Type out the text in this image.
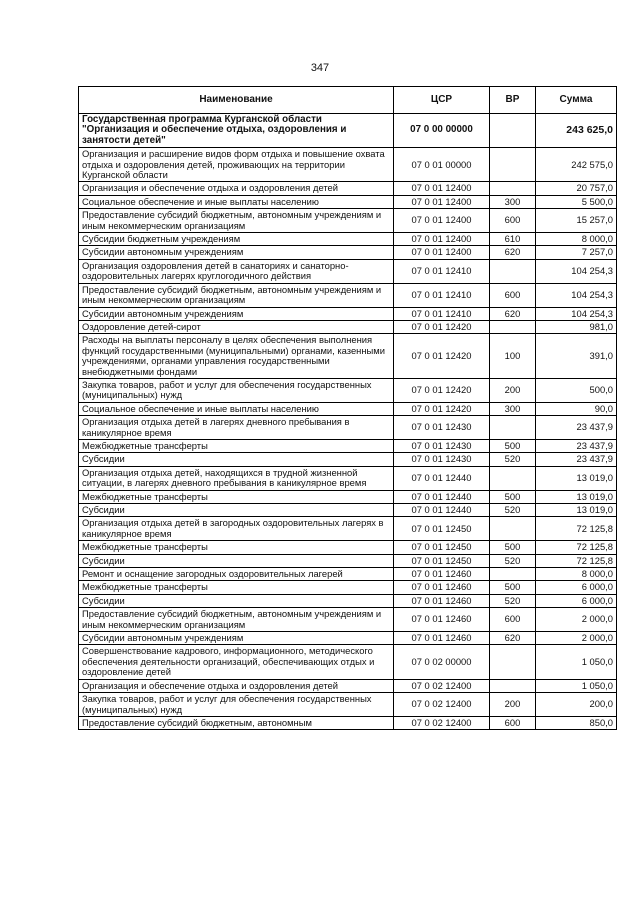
347
Наименование	ЦСР	ВР	Сумма
Государственная программа Курганской области "Организация и обеспечение отдыха, оздоровления и занятости детей"	07 0 00 00000		243 625,0
Организация и расширение видов форм отдыха и повышение охвата отдыха и оздоровления детей, проживающих на территории Курганской области	07 0 01 00000		242 575,0
Организация и обеспечение отдыха и оздоровления детей	07 0 01 12400		20 757,0
Социальное обеспечение и иные выплаты населению	07 0 01 12400	300	5 500,0
Предоставление субсидий бюджетным, автономным учреждениям и иным некоммерческим организациям	07 0 01 12400	600	15 257,0
Субсидии бюджетным учреждениям	07 0 01 12400	610	8 000,0
Субсидии автономным учреждениям	07 0 01 12400	620	7 257,0
Организация оздоровления детей в санаториях и санаторно-оздоровительных лагерях круглогодичного действия	07 0 01 12410		104 254,3
Предоставление субсидий бюджетным, автономным учреждениям и иным некоммерческим организациям	07 0 01 12410	600	104 254,3
Субсидии автономным учреждениям	07 0 01 12410	620	104 254,3
Оздоровление детей-сирот	07 0 01 12420		981,0
Расходы на выплаты персоналу в целях обеспечения выполнения функций государственными (муниципальными) органами, казенными учреждениями, органами управления государственными внебюджетными фондами	07 0 01 12420	100	391,0
Закупка товаров, работ и услуг для обеспечения государственных (муниципальных) нужд	07 0 01 12420	200	500,0
Социальное обеспечение и иные выплаты населению	07 0 01 12420	300	90,0
Организация отдыха детей в лагерях дневного пребывания в каникулярное время	07 0 01 12430		23 437,9
Межбюджетные трансферты	07 0 01 12430	500	23 437,9
Субсидии	07 0 01 12430	520	23 437,9
Организация отдыха детей, находящихся в трудной жизненной ситуации, в лагерях дневного пребывания в каникулярное время	07 0 01 12440		13 019,0
Межбюджетные трансферты	07 0 01 12440	500	13 019,0
Субсидии	07 0 01 12440	520	13 019,0
Организация отдыха детей в загородных оздоровительных лагерях в каникулярное время	07 0 01 12450		72 125,8
Межбюджетные трансферты	07 0 01 12450	500	72 125,8
Субсидии	07 0 01 12450	520	72 125,8
Ремонт и оснащение загородных оздоровительных лагерей	07 0 01 12460		8 000,0
Межбюджетные трансферты	07 0 01 12460	500	6 000,0
Субсидии	07 0 01 12460	520	6 000,0
Предоставление субсидий бюджетным, автономным учреждениям и иным некоммерческим организациям	07 0 01 12460	600	2 000,0
Субсидии автономным учреждениям	07 0 01 12460	620	2 000,0
Совершенствование кадрового, информационного, методического обеспечения деятельности организаций, обеспечивающих отдых и оздоровление детей	07 0 02 00000		1 050,0
Организация и обеспечение отдыха и оздоровления детей	07 0 02 12400		1 050,0
Закупка товаров, работ и услуг для обеспечения государственных (муниципальных) нужд	07 0 02 12400	200	200,0
Предоставление субсидий бюджетным, автономным	07 0 02 12400	600	850,0
